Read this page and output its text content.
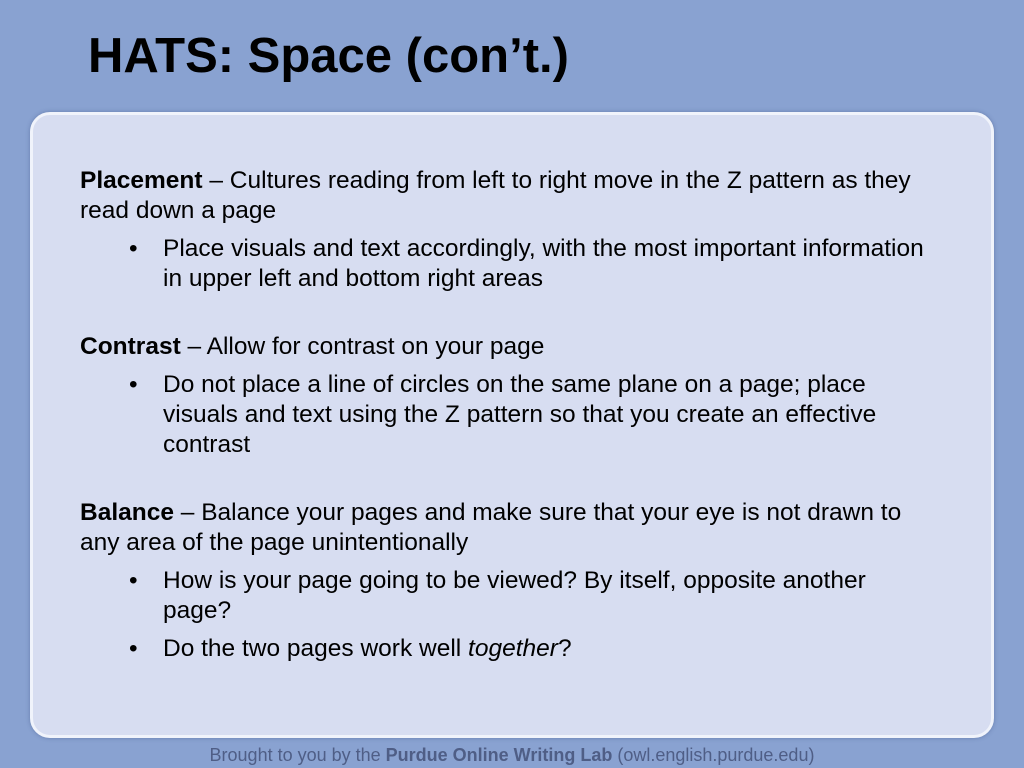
HATS: Space (con’t.)

Placement – Cultures reading from left to right move in the Z pattern as they read down a page

• Place visuals and text accordingly, with the most important information in upper left and bottom right areas

Contrast – Allow for contrast on your page

• Do not place a line of circles on the same plane on a page; place visuals and text using the Z pattern so that you create an effective contrast

Balance – Balance your pages and make sure that your eye is not drawn to any area of the page unintentionally

• How is your page going to be viewed? By itself, opposite another page?
• Do the two pages work well together?
Brought to you by the Purdue Online Writing Lab (owl.english.purdue.edu)
